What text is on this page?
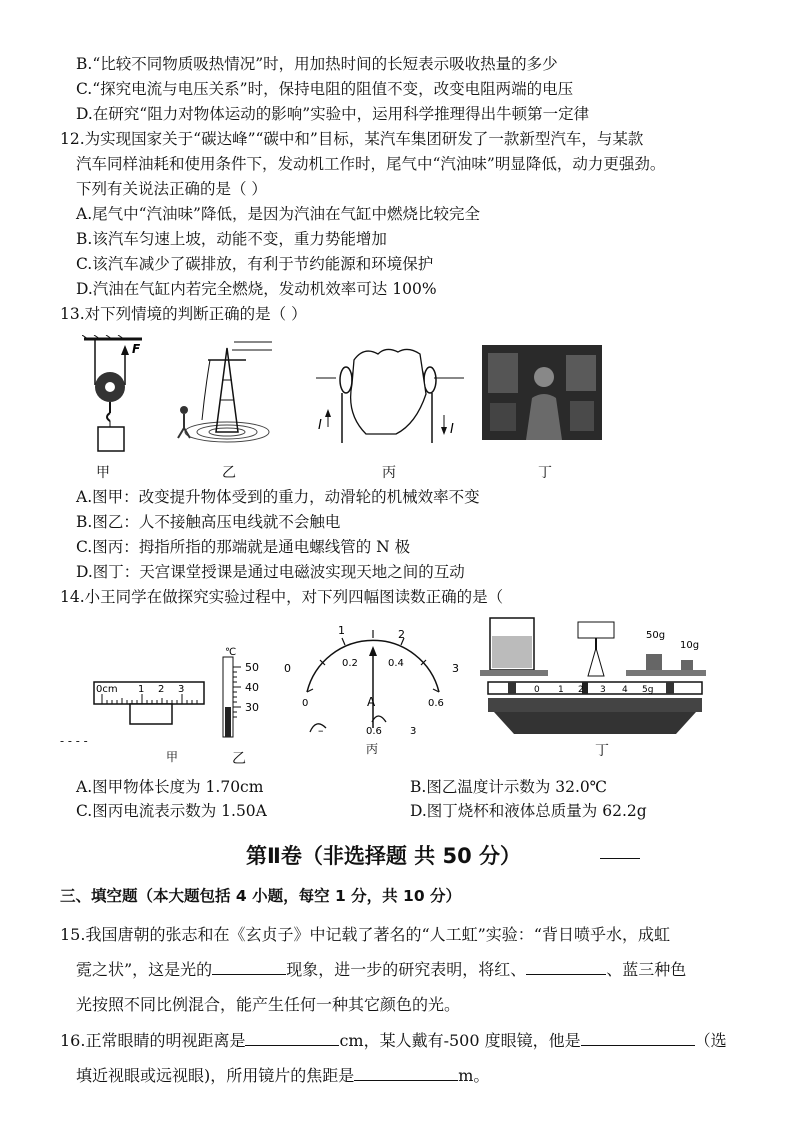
B.“比较不同物质吸热情况”时，用加热时间的长短表示吸收热量的多少
C.“探究电流与电压关系”时，保持电阻的阻值不变，改变电阻两端的电压
D.在研究“阻力对物体运动的影响”实验中，运用科学推理得出牛顿第一定律
12.为实现国家关于“碳达峰”“碳中和”目标，某汽车集团研发了一款新型汽车，与某款
汽车同样油耗和使用条件下，发动机工作时，尾气中“汽油味”明显降低，动力更强劲。
下列有关说法正确的是（ ）
A.尾气中“汽油味”降低，是因为汽油在气缸中燃烧比较完全
B.该汽车匀速上坡，动能不变，重力势能增加
C.该汽车减少了碳排放，有利于节约能源和环境保护
D.汽油在气缸内若完全燃烧，发动机效率可达 100%
13.对下列情境的判断正确的是（ ）
F
I	I
甲	乙	丙	丁
A.图甲：改变提升物体受到的重力，动滑轮的机械效率不变
B.图乙：人不接触高压电线就不会触电
C.图丙：拇指所指的那端就是通电螺线管的 N 极
D.图丁：天宫课堂授课是通过电磁波实现天地之间的互动
14.小王同学在做探究实验过程中，对下列四幅图读数正确的是（
0cm 1 2 3
- - - -
℃
50
40
30
0
1	2
3
0.2	0.4
0	0.6
A
–	0.6	3
50g
10g
0 1 2 3 4 5g
甲	乙
丙	丁
A.图甲物体长度为 1.70cm	B.图乙温度计示数为 32.0℃
C.图丙电流表示数为 1.50A	D.图丁烧杯和液体总质量为 62.2g
第Ⅱ卷（非选择题 共 50 分）
三、填空题（本大题包括 4 小题，每空 1 分，共 10 分）
15.我国唐朝的张志和在《玄贞子》中记载了著名的“人工虹”实验：“背日喷乎水，成虹
霓之状”，这是光的	现象，进一步的研究表明，将红、	、蓝三种色
光按照不同比例混合，能产生任何一种其它颜色的光。
16.正常眼睛的明视距离是	cm，某人戴有-500 度眼镜，他是	（选
填近视眼或远视眼)，所用镜片的焦距是	m。
